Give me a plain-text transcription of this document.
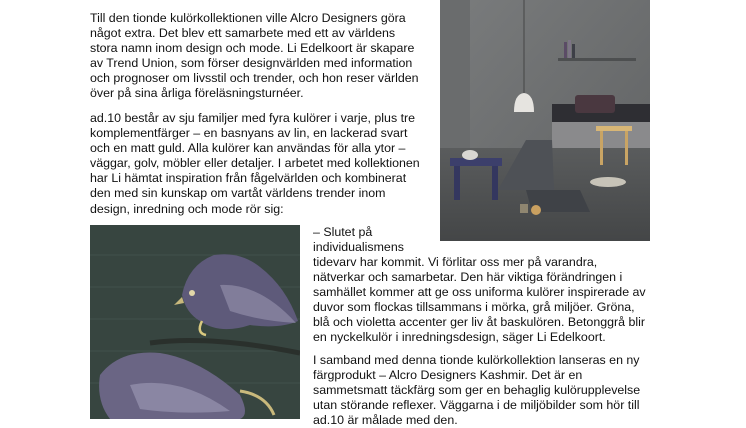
Till den tionde kulörkollektionen ville Alcro Designers göra
något extra. Det blev ett samarbete med ett av världens
stora namn inom design och mode. Li Edelkoort är skapare
av Trend Union, som förser designvärlden med information
och prognoser om livsstil och trender, och hon reser världen
över på sina årliga föreläsningsturnéer.
ad.10 består av sju familjer med fyra kulörer i varje, plus tre
komplementfärger – en basnyans av lin, en lackerad svart
och en matt guld. Alla kulörer kan användas för alla ytor –
väggar, golv, möbler eller detaljer. I arbetet med kollektionen
har Li hämtat inspiration från fågelvärlden och kombinerat
den med sin kunskap om vartåt världens trender inom
design, inredning och mode rör sig:
– Slutet på
individualismens
tidevarv har kommit. Vi förlitar oss mer på varandra,
nätverkar och samarbetar. Den här viktiga förändringen i
samhället kommer att ge oss uniforma kulörer inspirerade av
duvor som flockas tillsammans i mörka, grå miljöer. Gröna,
blå och violetta accenter ger liv åt baskulören. Betonggrå blir
en nyckelkulör i inredningsdesign, säger Li Edelkoort.
I samband med denna tionde kulörkollektion lanseras en ny
färgprodukt – Alcro Designers Kashmir. Det är en
sammetsmatt täckfärg som ger en behaglig kulörupplevelse
utan störande reflexer. Väggarna i de miljöbilder som hör till
ad.10 är målade med den.
